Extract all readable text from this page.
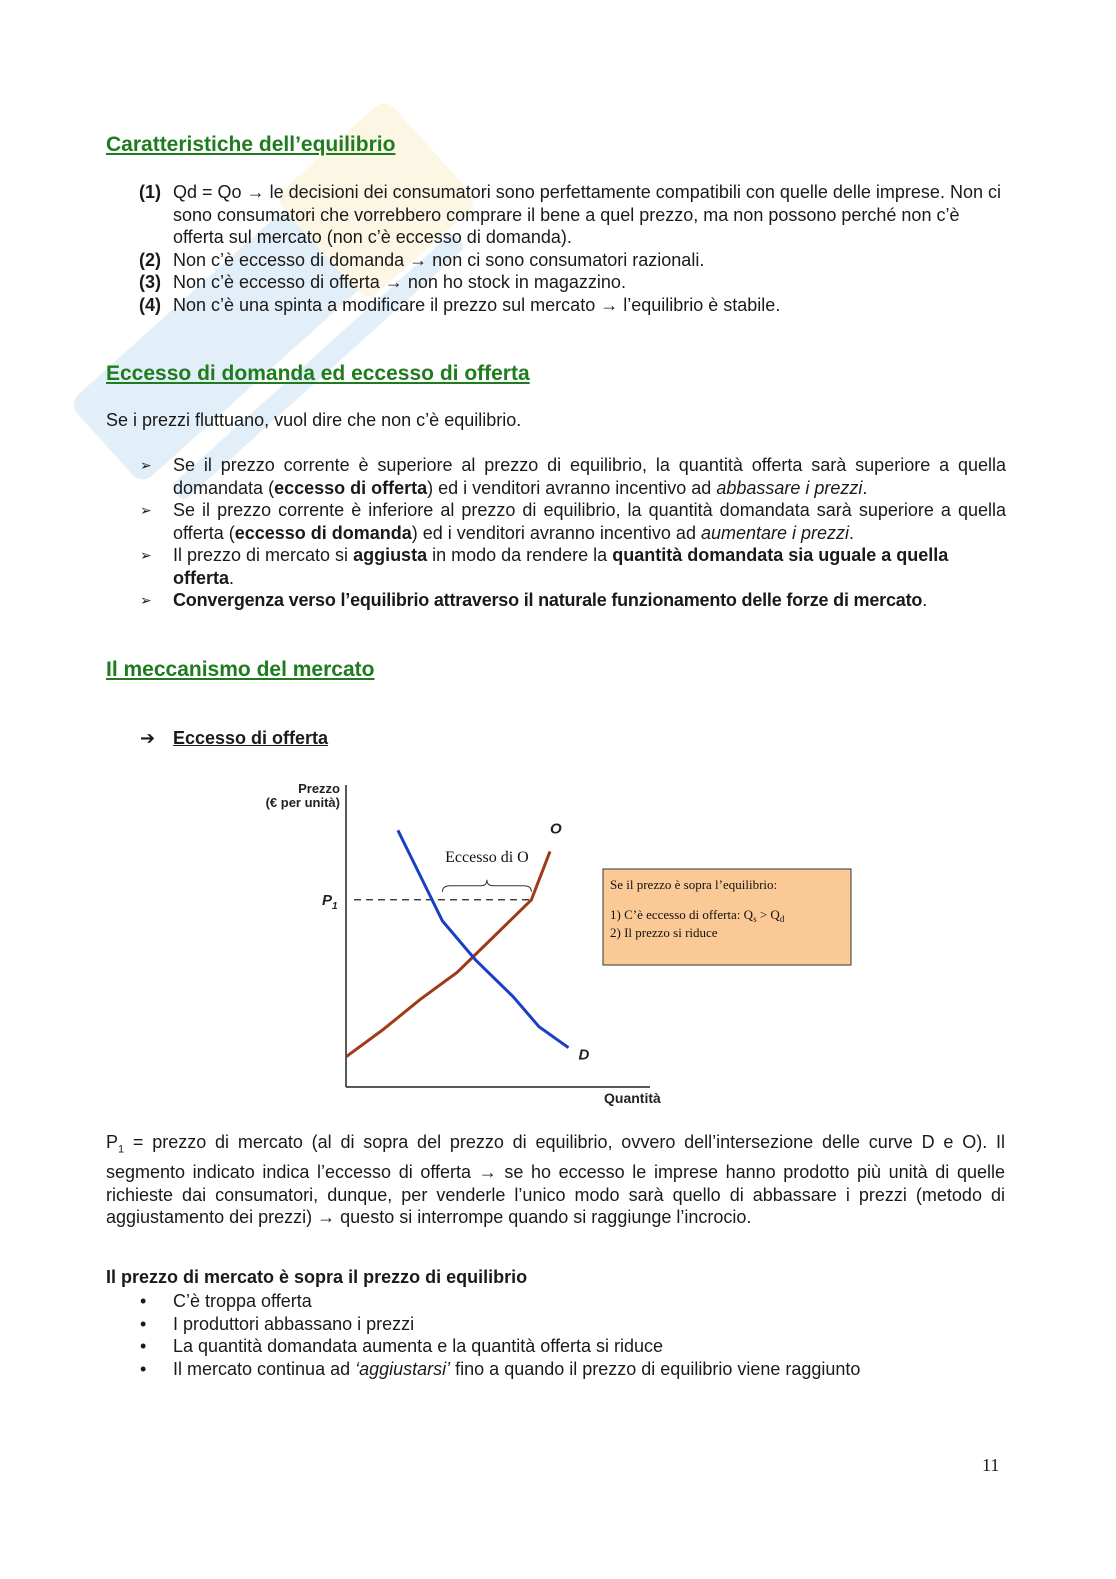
Caratteristiche dell’equilibrio
(1) Qd = Qo → le decisioni dei consumatori sono perfettamente compatibili con quelle delle imprese. Non ci sono consumatori che vorrebbero comprare il bene a quel prezzo, ma non possono perché non c’è offerta sul mercato (non c’è eccesso di domanda).
(2) Non c’è eccesso di domanda → non ci sono consumatori razionali.
(3) Non c’è eccesso di offerta → non ho stock in magazzino.
(4) Non c’è una spinta a modificare il prezzo sul mercato → l’equilibrio è stabile.
Eccesso di domanda ed eccesso di offerta
Se i prezzi fluttuano, vuol dire che non c’è equilibrio.
➢	Se il prezzo corrente è superiore al prezzo di equilibrio, la quantità offerta sarà superiore a quella domandata (eccesso di offerta) ed i venditori avranno incentivo ad abbassare i prezzi.
➢	Se il prezzo corrente è inferiore al prezzo di equilibrio, la quantità domandata sarà superiore a quella offerta (eccesso di domanda) ed i venditori avranno incentivo ad aumentare i prezzi.
➢	Il prezzo di mercato si aggiusta in modo da rendere la quantità domandata sia uguale a quella offerta.
➢	Convergenza verso l’equilibrio attraverso il naturale funzionamento delle forze di mercato.
Il meccanismo del mercato
➔ Eccesso di offerta
Prezzo
(€ per unità)
Quantità
$P_1$
Eccesso di O
O
D
Se il prezzo è sopra l’equilibrio:
1) C’è eccesso di offerta: $Q_s > Q_d$
2) Il prezzo si riduce
$P_1$ = prezzo di mercato (al di sopra del prezzo di equilibrio, ovvero dell’intersezione delle curve D e O). Il segmento indicato indica l’eccesso di offerta → se ho eccesso le imprese hanno prodotto più unità di quelle richieste dai consumatori, dunque, per venderle l’unico modo sarà quello di abbassare i prezzi (metodo di aggiustamento dei prezzi) → questo si interrompe quando si raggiunge l’incrocio.
Il prezzo di mercato è sopra il prezzo di equilibrio
•	C’è troppa offerta
•	I produttori abbassano i prezzi
•	La quantità domandata aumenta e la quantità offerta si riduce
•	Il mercato continua ad ‘aggiustarsi’ fino a quando il prezzo di equilibrio viene raggiunto
11
